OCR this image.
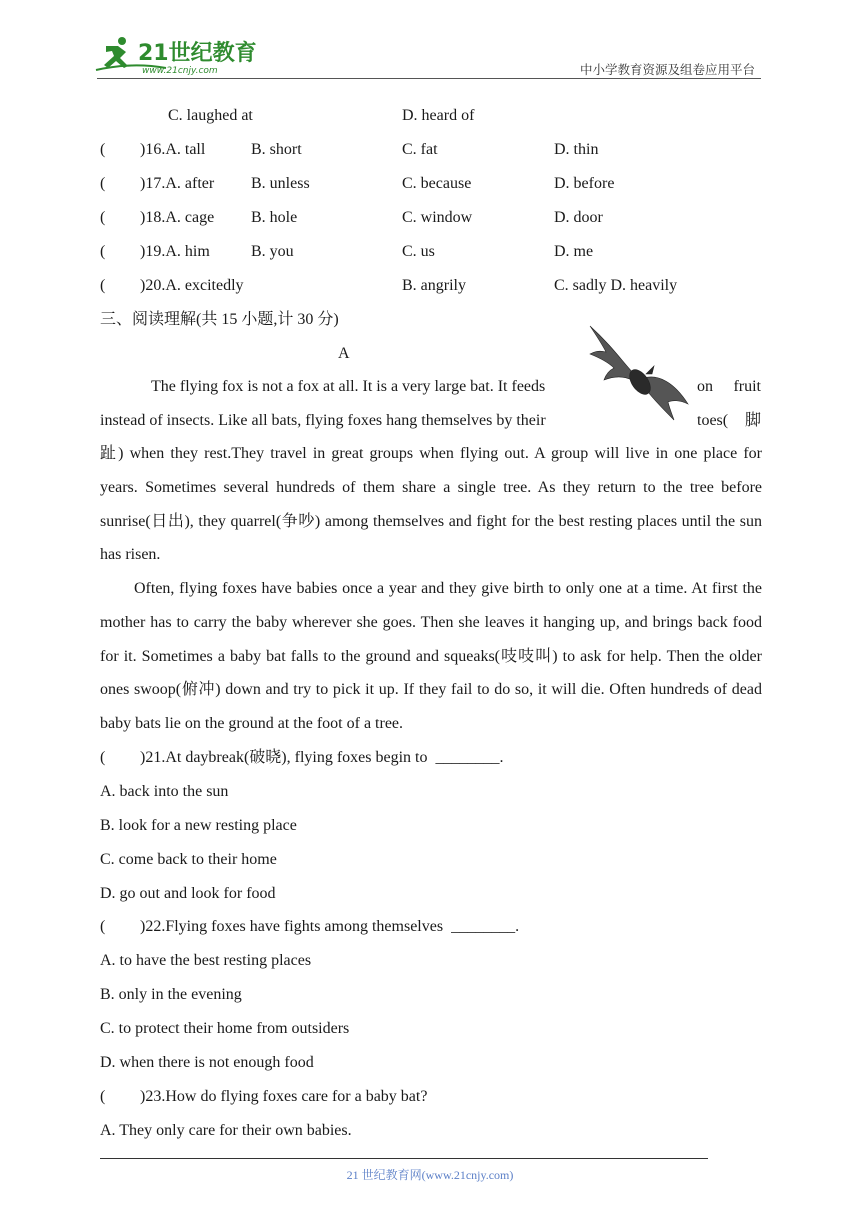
21世纪教育
www.21cnjy.com	中小学教育资源及组卷应用平台
C. laughed at	D. heard of
( )16.A. tall	B. short	C. fat	D. thin
( )17.A. after B. unless	C. because	D. before
( )18.A. cage B. hole	C. window	D. door
( )19.A. him	B. you	C. us	D. me
( )20.A. excitedly	B. angrily	C. sadly D. heavily
三、阅读理解(共 15 小题,计 30 分)
A
The flying fox is not a fox at all. It is a very large bat. It feeds	on fruit
instead of insects. Like all bats, flying foxes hang themselves by their	toes( 脚

趾) when they rest.They travel in great groups when flying out. A group will live in one place for years. Sometimes several hundreds of them share a single tree. As they return to the tree before sunrise(日出), they quarrel(争吵) among themselves and fight for the best resting places until the sun has risen.

Often, flying foxes have babies once a year and they give birth to only one at a time. At first the mother has to carry the baby wherever she goes. Then she leaves it hanging up, and brings back food for it. Sometimes a baby bat falls to the ground and squeaks(吱吱叫) to ask for help. Then the older ones swoop(俯冲) down and try to pick it up. If they fail to do so, it will die. Often hundreds of dead baby bats lie on the ground at the foot of a tree.

( )21.At daybreak(破晓), flying foxes begin to ________.
A. back into the sun
B. look for a new resting place
C. come back to their home
D. go out and look for food
( )22.Flying foxes have fights among themselves ________.
A. to have the best resting places
B. only in the evening
C. to protect their home from outsiders
D. when there is not enough food
( )23.How do flying foxes care for a baby bat?
A. They only care for their own babies.
21 世纪教育网(www.21cnjy.com)
